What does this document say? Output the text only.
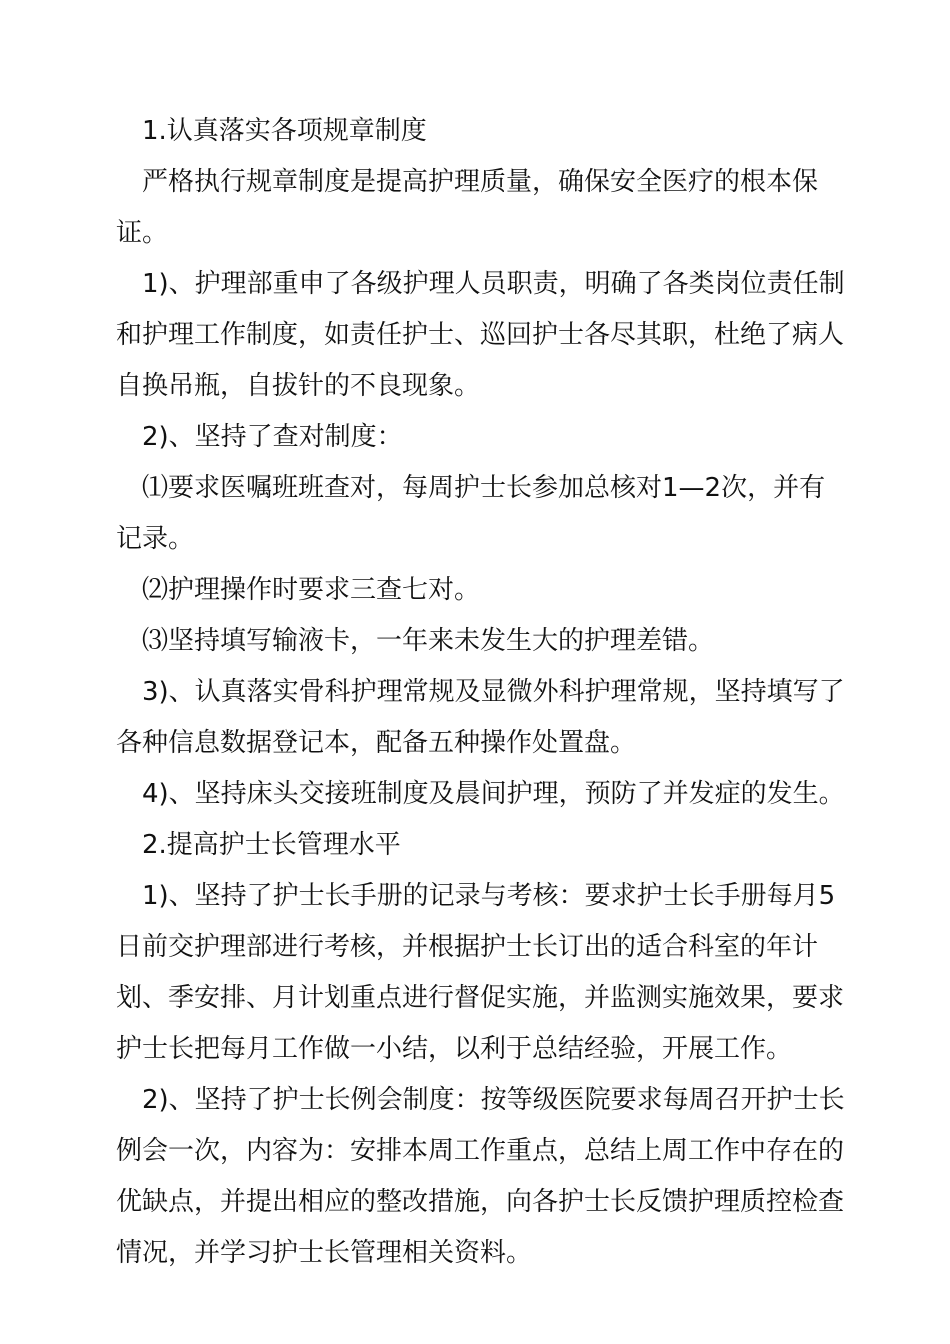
1.认真落实各项规章制度

严格执行规章制度是提高护理质量，确保安全医疗的根本保证。

1)、护理部重申了各级护理人员职责，明确了各类岗位责任制和护理工作制度，如责任护士、巡回护士各尽其职，杜绝了病人自换吊瓶，自拔针的不良现象。

2)、坚持了查对制度：

⑴要求医嘱班班查对，每周护士长参加总核对1—2次，并有记录。

⑵护理操作时要求三查七对。

⑶坚持填写输液卡，一年来未发生大的护理差错。

3)、认真落实骨科护理常规及显微外科护理常规，坚持填写了各种信息数据登记本，配备五种操作处置盘。

4)、坚持床头交接班制度及晨间护理，预防了并发症的发生。

2.提高护士长管理水平

1)、坚持了护士长手册的记录与考核：要求护士长手册每月5日前交护理部进行考核，并根据护士长订出的适合科室的年计划、季安排、月计划重点进行督促实施，并监测实施效果，要求护士长把每月工作做一小结，以利于总结经验，开展工作。

2)、坚持了护士长例会制度：按等级医院要求每周召开护士长例会一次，内容为：安排本周工作重点，总结上周工作中存在的优缺点，并提出相应的整改措施，向各护士长反馈护理质控检查情况，并学习护士长管理相关资料。
